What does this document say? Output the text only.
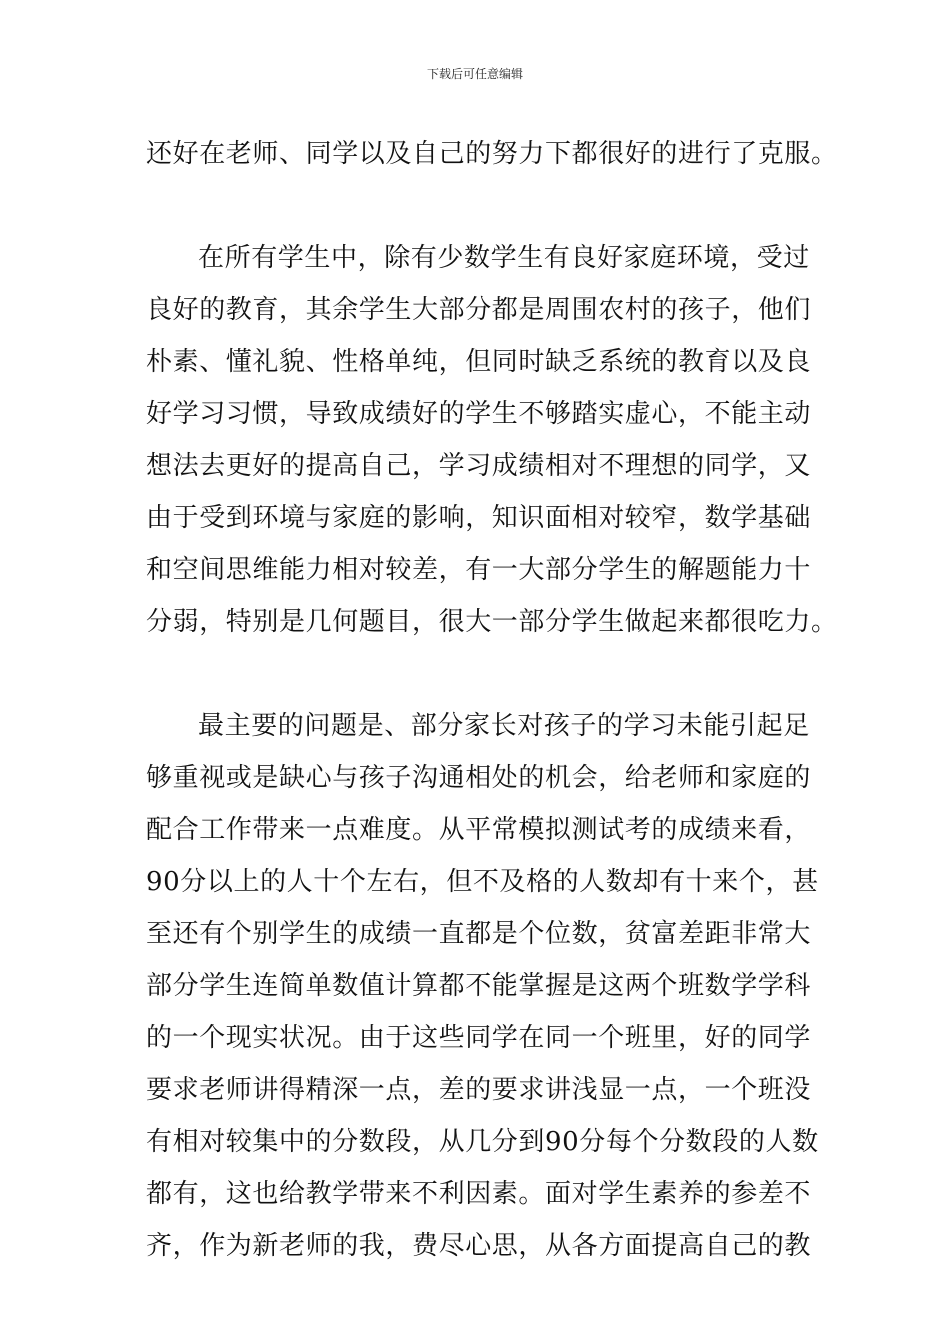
下载后可任意编辑
还好在老师、同学以及自己的努力下都很好的进行了克服。
在所有学生中，除有少数学生有良好家庭环境，受过
良好的教育，其余学生大部分都是周围农村的孩子，他们
朴素、懂礼貌、性格单纯，但同时缺乏系统的教育以及良
好学习习惯，导致成绩好的学生不够踏实虚心，不能主动
想法去更好的提高自己，学习成绩相对不理想的同学，又
由于受到环境与家庭的影响，知识面相对较窄，数学基础
和空间思维能力相对较差，有一大部分学生的解题能力十
分弱，特别是几何题目，很大一部分学生做起来都很吃力。
最主要的问题是、部分家长对孩子的学习未能引起足
够重视或是缺心与孩子沟通相处的机会，给老师和家庭的
配合工作带来一点难度。从平常模拟测试考的成绩来看，
90分以上的人十个左右，但不及格的人数却有十来个，甚
至还有个别学生的成绩一直都是个位数，贫富差距非常大
部分学生连简单数值计算都不能掌握是这两个班数学学科
的一个现实状况。由于这些同学在同一个班里，好的同学
要求老师讲得精深一点，差的要求讲浅显一点，一个班没
有相对较集中的分数段，从几分到90分每个分数段的人数
都有，这也给教学带来不利因素。面对学生素养的参差不
齐，作为新老师的我，费尽心思，从各方面提高自己的教
